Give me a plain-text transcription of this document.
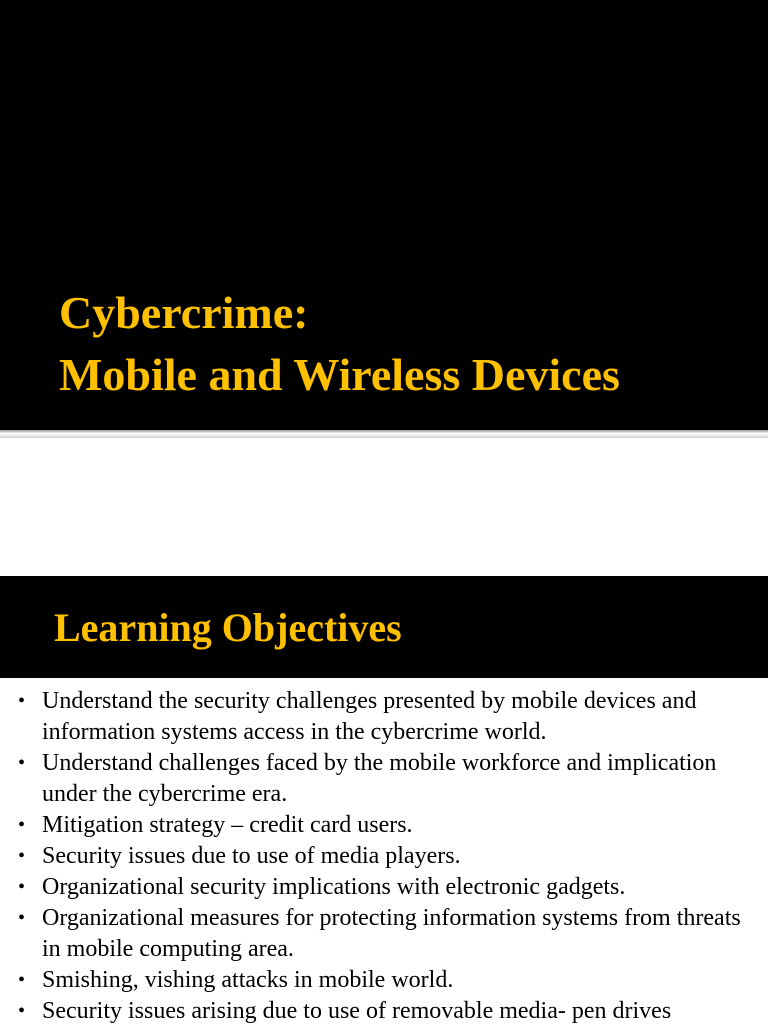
Cybercrime:
Mobile and Wireless Devices
Learning Objectives
• Understand the security challenges presented by mobile devices and information systems access in the cybercrime world.
• Understand challenges faced by the mobile workforce and implication under the cybercrime era.
• Mitigation strategy – credit card users.
• Security issues due to use of media players.
• Organizational security implications with electronic gadgets.
• Organizational measures for protecting information systems from threats in mobile computing area.
• Smishing, vishing attacks in mobile world.
• Security issues arising due to use of removable media- pen drives
